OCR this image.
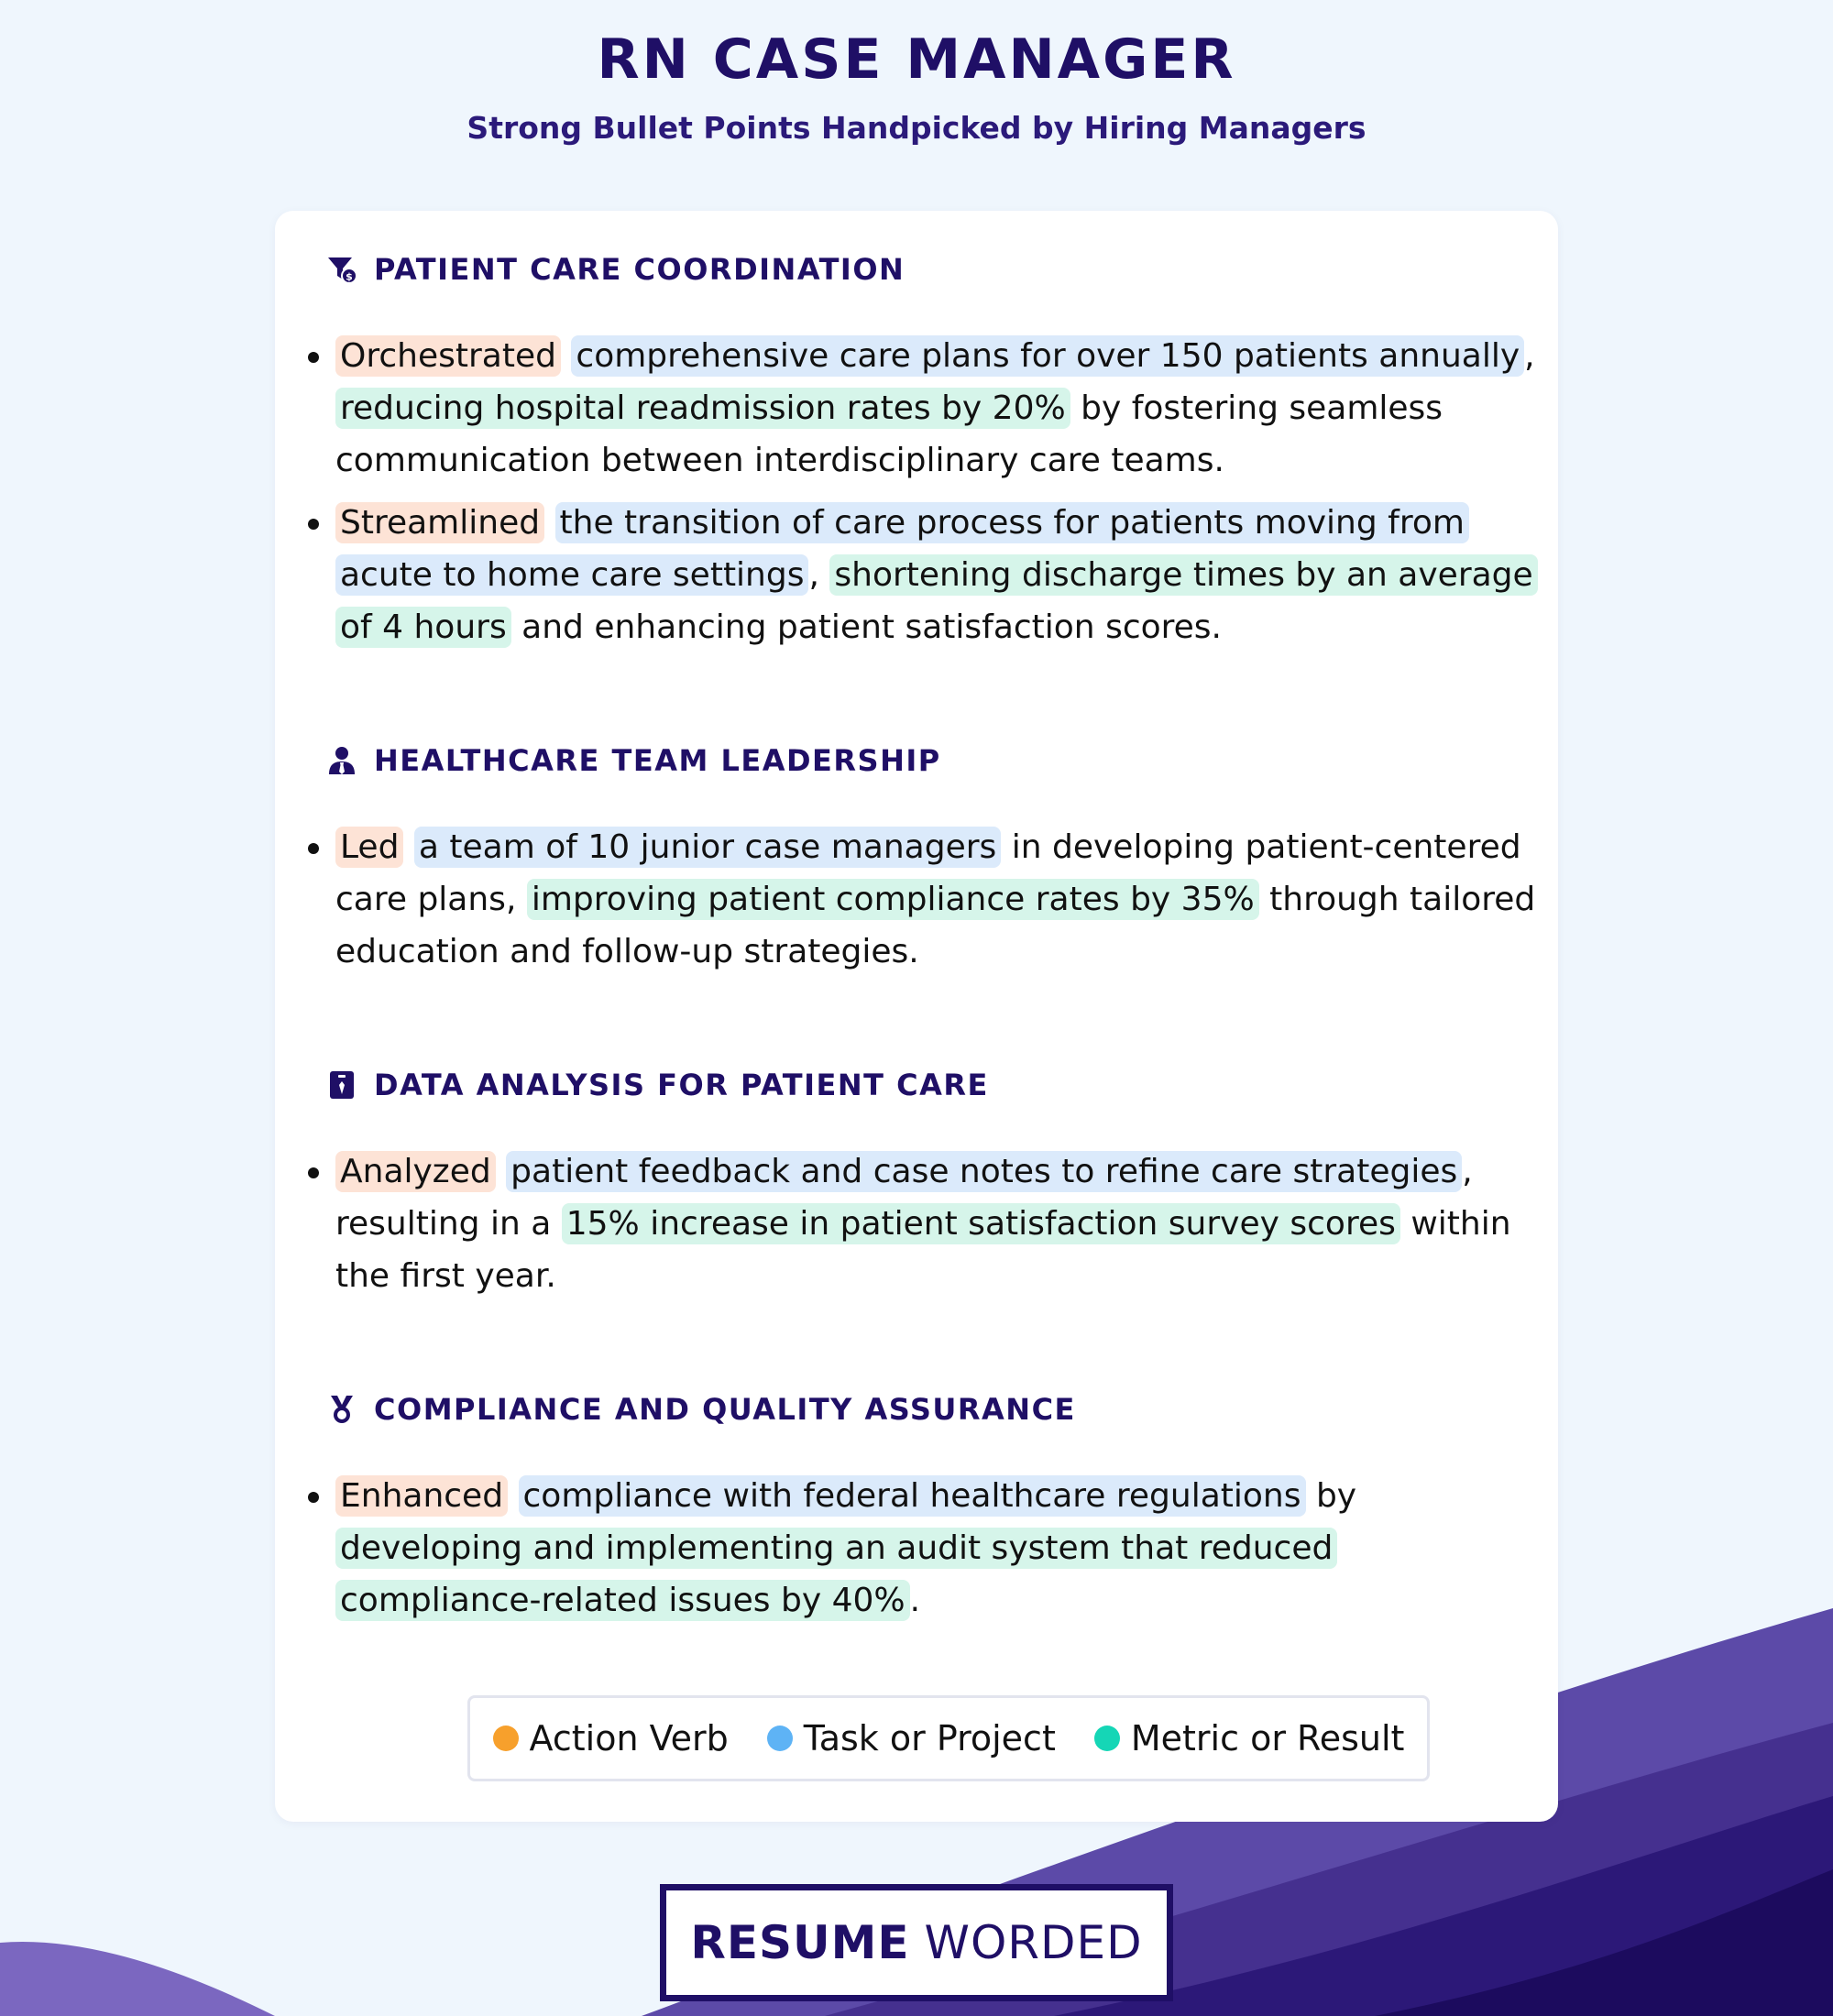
RN CASE MANAGER
Strong Bullet Points Handpicked by Hiring Managers
$ PATIENT CARE COORDINATION
Orchestrated comprehensive care plans for over 150 patients annually , reducing hospital readmission rates by 20% by fostering seamless communication between interdisciplinary care teams.
Streamlined the transition of care process for patients moving from acute to home care settings , shortening discharge times by an average of 4 hours and enhancing patient satisfaction scores.
HEALTHCARE TEAM LEADERSHIP
Led a team of 10 junior case managers in developing patient-centered care plans, improving patient compliance rates by 35% through tailored education and follow-up strategies.
DATA ANALYSIS FOR PATIENT CARE
Analyzed patient feedback and case notes to refine care strategies , resulting in a 15% increase in patient satisfaction survey scores within the first year.
COMPLIANCE AND QUALITY ASSURANCE
Enhanced compliance with federal healthcare regulations by developing and implementing an audit system that reduced compliance-related issues by 40% .
Action Verb Task or Project Metric or Result
RESUME WORDED
